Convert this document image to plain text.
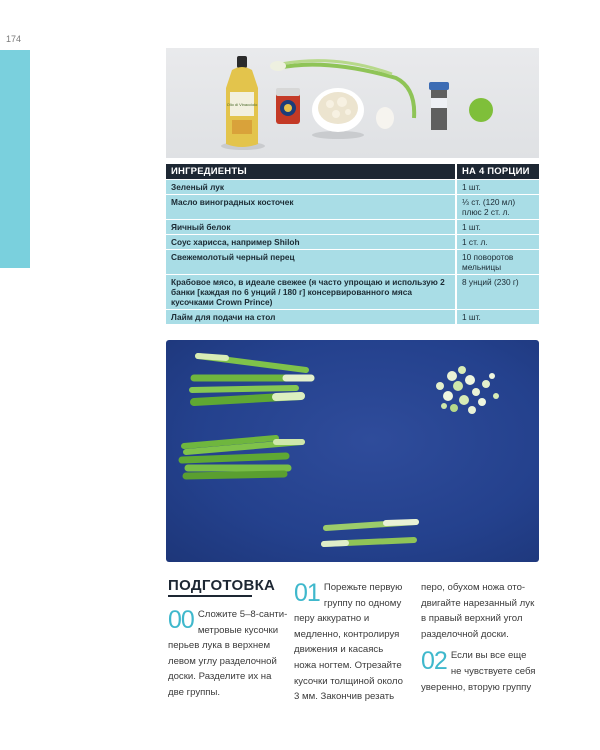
174
Olio di Vinacciolo
ИНГРЕДИЕНТЫ	НА 4 ПОРЦИИ
Зеленый лук	1 шт.
Масло виноградных косточек	⅓ ст. (120 мл) плюс 2 ст. л.
Яичный белок	1 шт.
Соус харисса, например Shiloh	1 ст. л.
Свежемолотый черный перец	10 поворотов мельницы
Крабовое мясо, в идеале свежее (я часто упрощаю и использую 2 банки [каждая по 6 унций / 180 г] консервированного мяса кусочками Crown Prince)	8 унций (230 г)
Лайм для подачи на стол	1 шт.
ПОДГОТОВКА
00 Сложите 5–8-санти-метровые кусочки перьев лука в верхнем левом углу разделочной доски. Разделите их на две группы.
01 Порежьте первую группу по одному перу аккуратно и медленно, контролируя движения и касаясь ножа ногтем. Отрезайте кусочки толщиной около 3 мм. Закончив резать
перо, обухом ножа ото-двигайте нарезанный лук в правый верхний угол разделочной доски.
02 Если вы все еще не чувствуете себя уверенно, вторую группу
